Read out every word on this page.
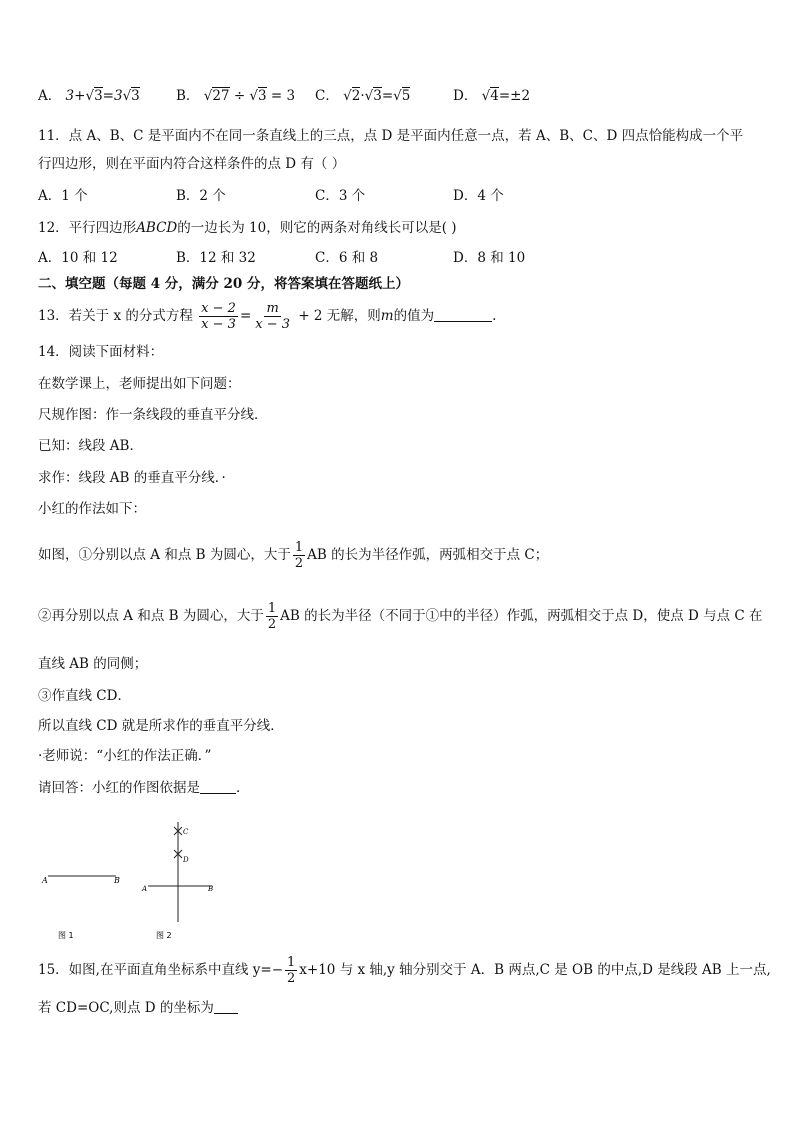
A． 3+ √ 3=3 √ 3	B． √ 27 ÷ √ 3 = 3 C． √ 2· √ 3= √ 5	D． √ 4=±2
11．点 A、B、C 是平面内不在同一条直线上的三点，点 D 是平面内任意一点，若 A、B、C、D 四点恰能构成一个平
行四边形，则在平面内符合这样条件的点 D 有（ ）
A．1 个	B．2 个	C．3 个	D．4 个
12．平行四边形ABCD的一边长为 10，则它的两条对角线长可以是( )
A．10 和 12	B．12 和 32	C．6 和 8	D．8 和 10
二、填空题（每题 4 分，满分 20 分，将答案填在答题纸上）
13．若关于 x 的分式方程 $\frac{x - 2}{x - 3} = \frac{m}{x - 3} + 2$ 无解，则m的值为	.
14．阅读下面材料：
在数学课上，老师提出如下问题：
尺规作图：作一条线段的垂直平分线．
已知：线段 AB．
求作：线段 AB 的垂直平分线．·
小红的作法如下：
如图，①分别以点 A 和点 B 为圆心，大于 $\frac{1}{2}$ AB 的长为半径作弧，两弧相交于点 C；
②再分别以点 A 和点 B 为圆心，大于 $\frac{1}{2}$ AB 的长为半径（不同于①中的半径）作弧，两弧相交于点 D，使点 D 与点 C 在
直线 AB 的同侧；
③作直线 CD．
所以直线 CD 就是所求作的垂直平分线．
·老师说：“小红的作法正确．”
请回答：小红的作图依据是	．
A	B
图 1
C
D
A	B
图 2
15．如图,在平面直角坐标系中直线 $y=- \frac{1}{2} x+10$ 与 x 轴,y 轴分别交于 A．B 两点,C 是 OB 的中点,D 是线段 AB 上一点,
若 CD=OC,则点 D 的坐标为
